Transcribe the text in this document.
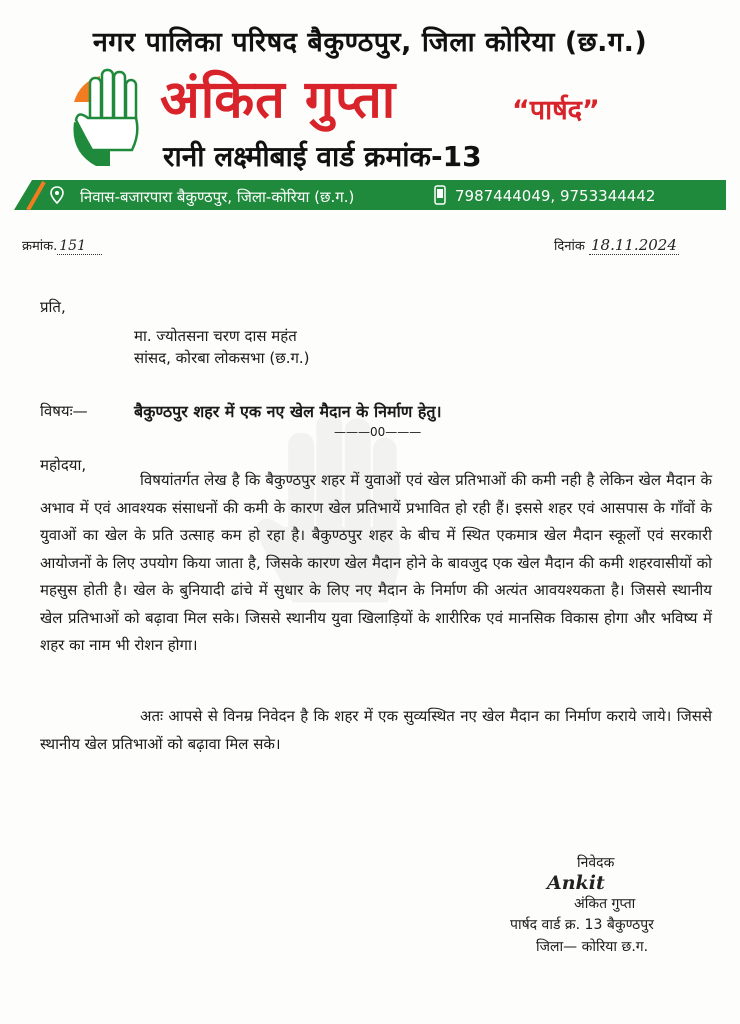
नगर पालिका परिषद बैकुण्ठपुर, जिला कोरिया (छ.ग.)
अंकित गुप्ता	“पार्षद”
रानी लक्ष्मीबाई वार्ड क्रमांक-13
निवास-बजारपारा बैकुण्ठपुर, जिला-कोरिया (छ.ग.)	7987444049, 9753344442
क्रमांक. 151	दिनांक 18.11.2024
प्रति,
मा. ज्योतसना चरण दास महंत
सांसद, कोरबा लोकसभा (छ.ग.)
विषयः—	बैकुण्ठपुर शहर में एक नए खेल मैदान के निर्माण हेतु।
———00———
महोदया,
विषयांतर्गत लेख है कि बैकुण्ठपुर शहर में युवाओं एवं खेल प्रतिभाओं की कमी नही है लेकिन खेल मैदान के अभाव में एवं आवश्यक संसाधनों की कमी के कारण खेल प्रतिभायें प्रभावित हो रही हैं। इससे शहर एवं आसपास के गाँवों के युवाओं का खेल के प्रति उत्साह कम हो रहा है। बैकुण्ठपुर शहर के बीच में स्थित एकमात्र खेल मैदान स्कूलों एवं सरकारी आयोजनों के लिए उपयोग किया जाता है, जिसके कारण खेल मैदान होने के बावजुद एक खेल मैदान की कमी शहरवासीयों को महसुस होती है। खेल के बुनियादी ढांचे में सुधार के लिए नए मैदान के निर्माण की अत्यंत आवयश्यकता है। जिससे स्थानीय खेल प्रतिभाओं को बढ़ावा मिल सके। जिससे स्थानीय युवा खिलाड़ियों के शारीरिक एवं मानसिक विकास होगा और भविष्य में शहर का नाम भी रोशन होगा।
अतः आपसे से विनम्र निवेदन है कि शहर में एक सुव्यस्थित नए खेल मैदान का निर्माण कराये जाये। जिससे स्थानीय खेल प्रतिभाओं को बढ़ावा मिल सके।
निवेदक
Ankit
अंकित गुप्ता
पार्षद वार्ड क्र. 13 बैकुण्ठपुर
जिला— कोरिया छ.ग.
